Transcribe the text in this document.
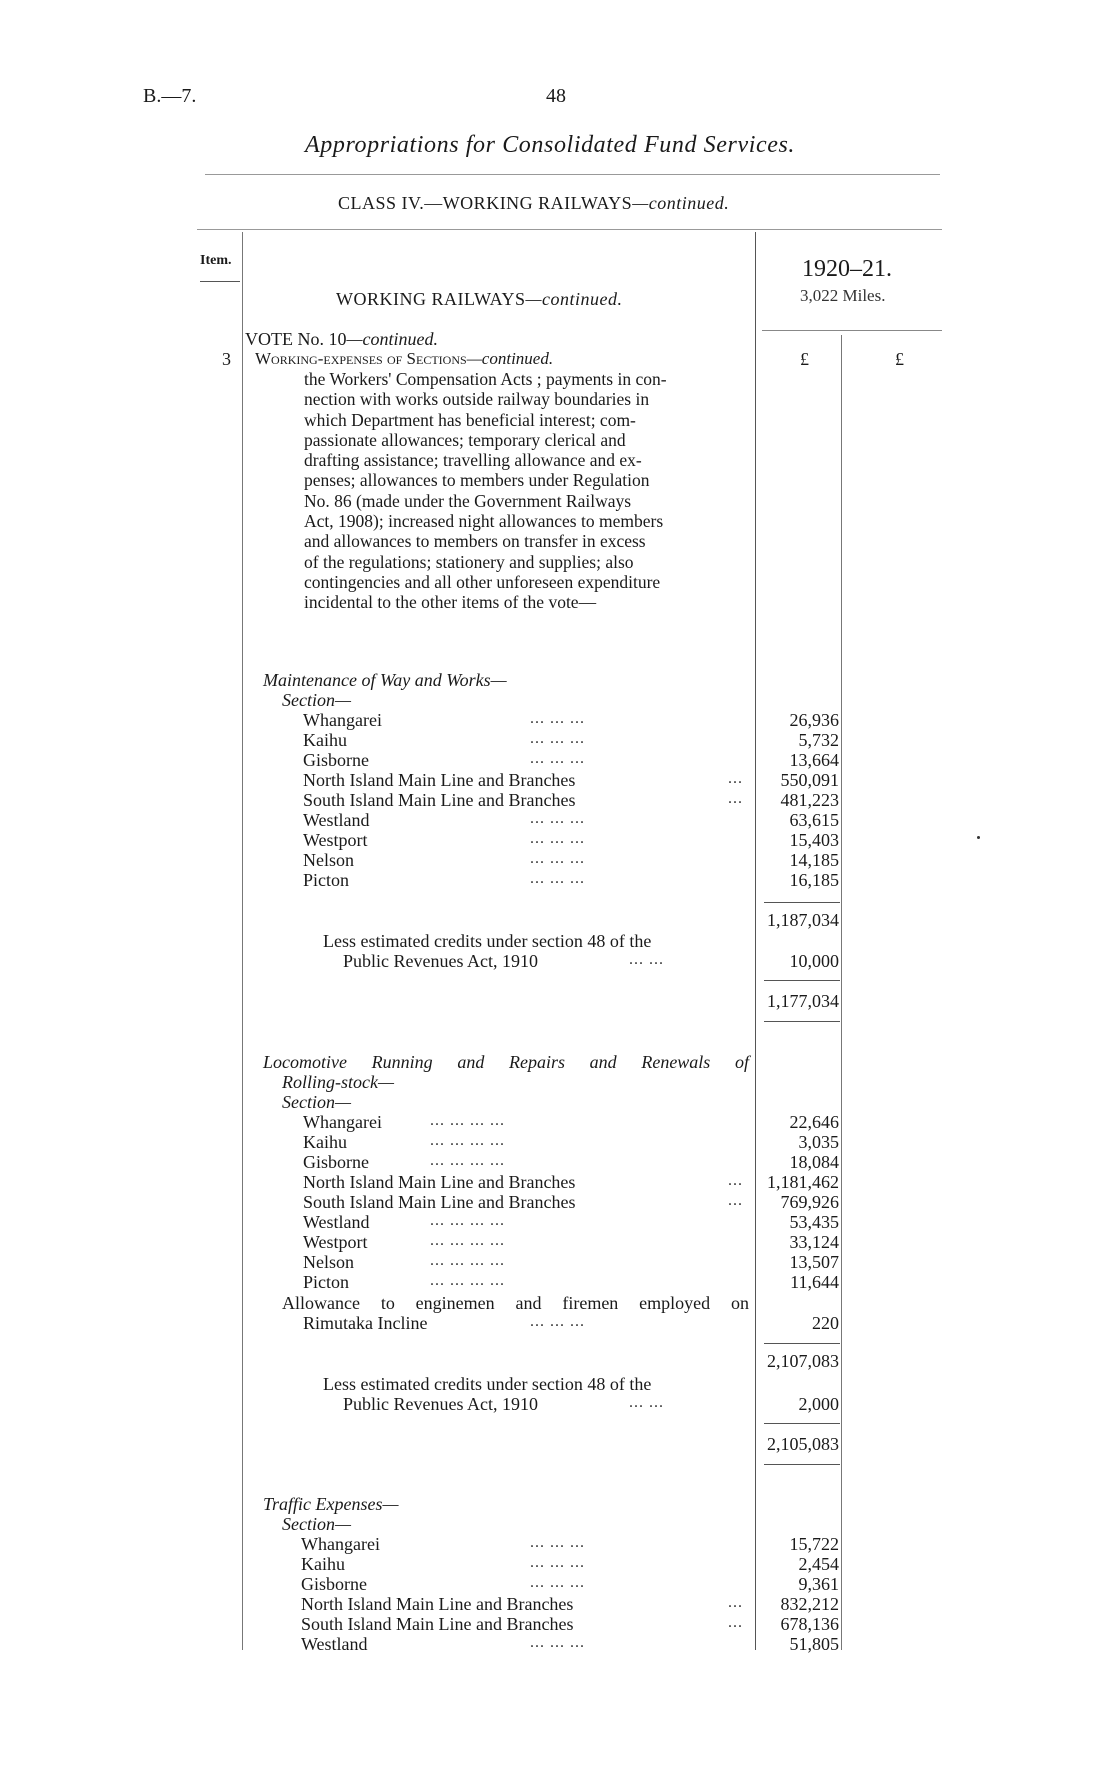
B.—7.	48
Appropriations for Consolidated Fund Services.
CLASS IV.—WORKING RAILWAYS—continued.
Item.	1920–21.
3,022 Miles.
£	£
WORKING RAILWAYS—continued.
VOTE No. 10—continued.
3 Working-expenses of Sections—continued.
the Workers' Compensation Acts ; payments in con-
nection with works outside railway boundaries in
which Department has beneficial interest; com-
passionate allowances; temporary clerical and
drafting assistance; travelling allowance and ex-
penses; allowances to members under Regulation
No. 86 (made under the Government Railways
Act, 1908); increased night allowances to members
and allowances to members on transfer in excess
of the regulations; stationery and supplies; also
contingencies and all other unforeseen expenditure
incidental to the other items of the vote—
Maintenance of Way and Works—
Section—
Whangarei	... ... ...	26,936
Kaihu	... ... ...	5,732
Gisborne	... ... ...	13,664
North Island Main Line and Branches	...	550,091
South Island Main Line and Branches	...	481,223
Westland	... ... ...	63,615
Westport	... ... ...	15,403
Nelson	... ... ...	14,185
Picton	... ... ...	16,185
1,187,034
Less estimated credits under section 48 of the
Public Revenues Act, 1910	... ...	10,000
1,177,034
Locomotive Running and Repairs and Renewals of
Rolling-stock—
Section—
Whangarei	... ... ... ...	22,646
Kaihu	... ... ... ...	3,035
Gisborne	... ... ... ...	18,084
North Island Main Line and Branches	...	1,181,462
South Island Main Line and Branches	...	769,926
Westland	... ... ... ...	53,435
Westport	... ... ... ...	33,124
Nelson	... ... ... ...	13,507
Picton	... ... ... ...	11,644
Allowance to enginemen and firemen employed on
Rimutaka Incline	... ... ...	220
2,107,083
Less estimated credits under section 48 of the
Public Revenues Act, 1910	... ...	2,000
2,105,083
Traffic Expenses—
Section—
Whangarei	... ... ...	15,722
Kaihu	... ... ...	2,454
Gisborne	... ... ...	9,361
North Island Main Line and Branches	...	832,212
South Island Main Line and Branches	...	678,136
Westland	... ... ...	51,805
